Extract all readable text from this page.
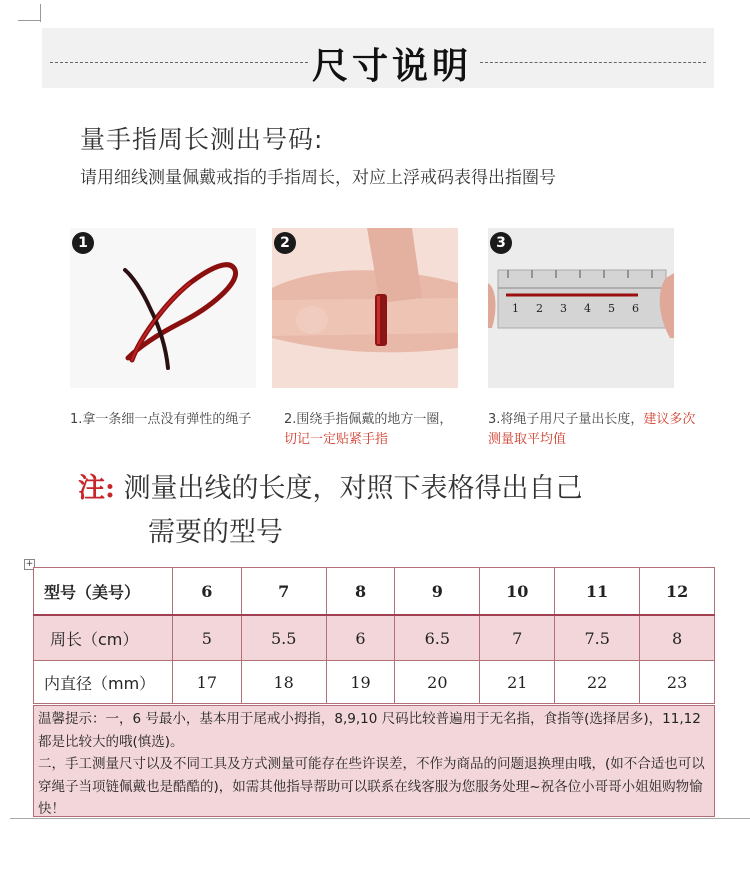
尺寸说明
量手指周长测出号码:
请用细线测量佩戴戒指的手指周长，对应上浮戒码表得出指圈号
1	2
1 2 3 4 5 6
3
1.拿一条细一点没有弹性的绳子	2.围绕手指佩戴的地方一圈，
切记一定贴紧手指
3.将绳子用尺子量出长度，建议多次测量取平均值
注: 测量出线的长度，对照下表格得出自己
需要的型号
+
型号（美号）	6	7	8	9	10	11	12
周长（cm）	5	5.5	6	6.5	7	7.5	8
内直径（mm）	17	18	19	20	21	22	23

温馨提示：一，6 号最小，基本用于尾戒小拇指，8,9,10 尺码比较普遍用于无名指，食指等(选择居多)，11,12 都是比较大的哦(慎选)。

二，手工测量尺寸以及不同工具及方式测量可能存在些许误差，不作为商品的问题退换理由哦，(如不合适也可以穿绳子当项链佩戴也是酷酷的)，如需其他指导帮助可以联系在线客服为您服务处理~祝各位小哥哥小姐姐购物愉快！
